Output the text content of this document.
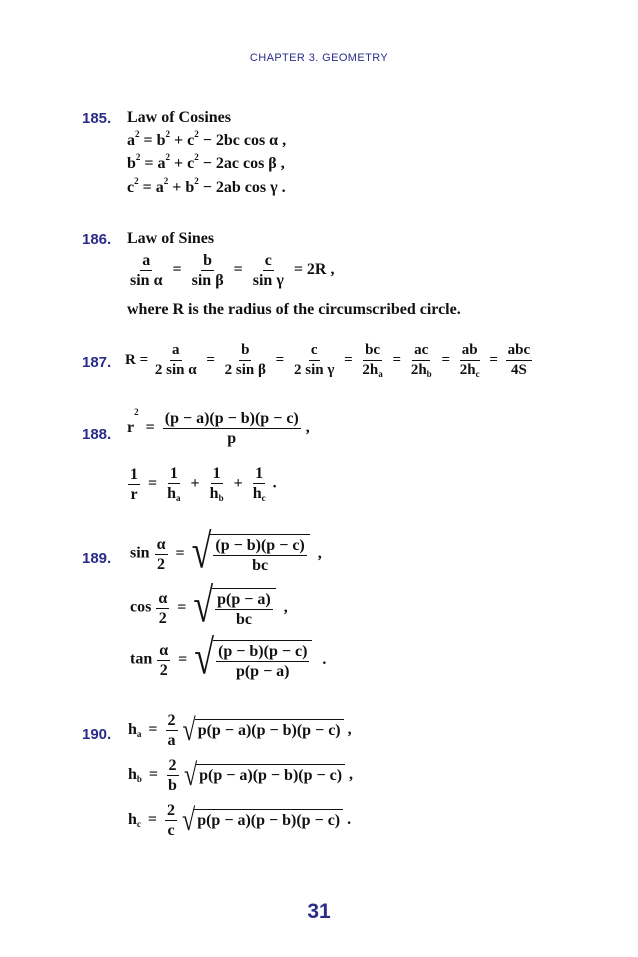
CHAPTER 3. GEOMETRY
185. Law of Cosines
$a^2 = b^2 + c^2 - 2bc$ cos α ,
$b^2 = a^2 + c^2 - 2ac$ cos β ,
$c^2 = a^2 + b^2 - 2ab$ cos γ .
186. Law of Sines
$\frac{a}{\text{sin α}} = \frac{b}{\text{sin β}} = \frac{c}{\text{sin γ}} = 2R$ ,
where R is the radius of the circumscribed circle.
187. $R = \frac{a}{\text{2 sin α}} = \frac{b}{\text{2 sin β}} = \frac{c}{\text{2 sin γ}} = \frac{bc}{2h_a} = \frac{ac}{2h_b} = \frac{ab}{2h_c} = \frac{\text{abc}}{4S}$
188. $r^2 = \frac{(p - a)(p - b)(p - c)}{p}$ ,
$\frac{1}{r} = \frac{1}{h_a} + \frac{1}{h_b} + \frac{1}{h_c}$ .
189. $\sin \frac{\alpha}{2}$ = √ $\frac{(p - b)(p - c)}{bc}$ ,
$\cos \frac{\alpha}{2}$ = √ $\frac{p(p - a)}{bc}$ ,
$\tan \frac{\alpha}{2}$ = √ $\frac{(p - b)(p - c)}{p(p - a)}$ .
190. $h_a = \frac{2}{a}$
√ p(p − a)(p − b)(p − c) ,
$h_b = \frac{2}{b}$
√ p(p − a)(p − b)(p − c) ,
$h_c = \frac{2}{c}$
√ p(p − a)(p − b)(p − c) .
31
